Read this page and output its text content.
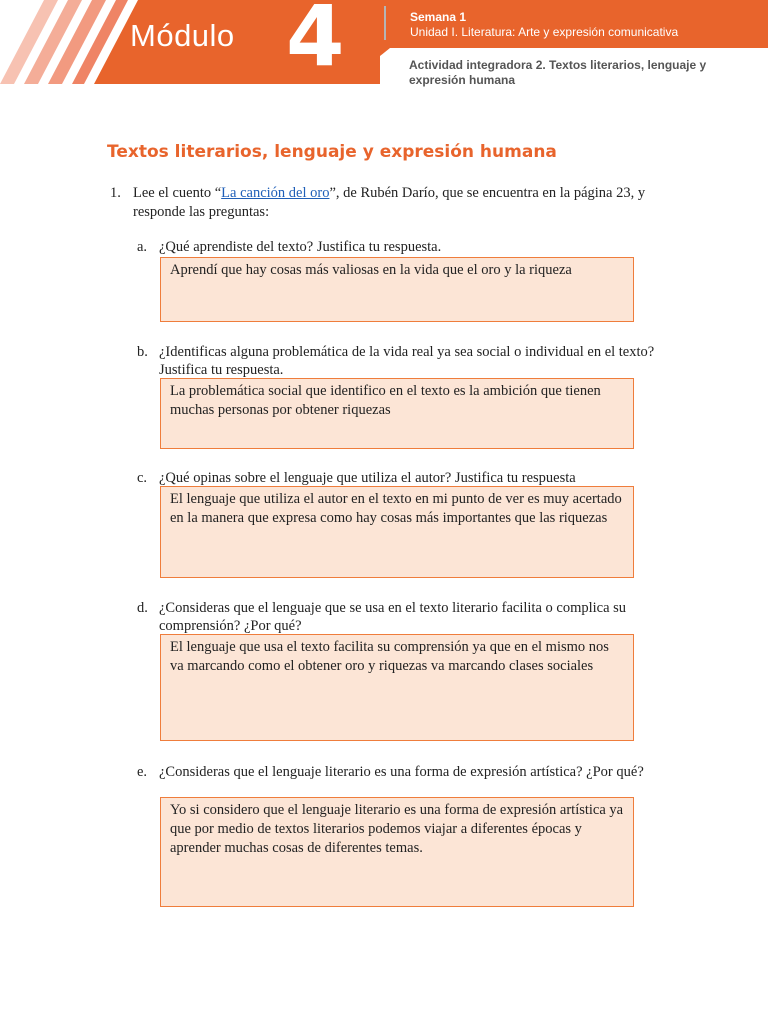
Módulo 4	Semana 1
Unidad I. Literatura: Arte y expresión comunicativa
Actividad integradora 2. Textos literarios, lenguaje y expresión humana
Textos literarios, lenguaje y expresión humana
1. Lee el cuento “La canción del oro”, de Rubén Darío, que se encuentra en la página 23, y responde las preguntas:
a. ¿Qué aprendiste del texto? Justifica tu respuesta.
Aprendí que hay cosas más valiosas en la vida que el oro y la riqueza
b. ¿Identificas alguna problemática de la vida real ya sea social o individual en el texto? Justifica tu respuesta.
La problemática social que identifico en el texto es la ambición que tienen muchas personas por obtener riquezas
c. ¿Qué opinas sobre el lenguaje que utiliza el autor? Justifica tu respuesta
El lenguaje que utiliza el autor en el texto en mi punto de ver es muy acertado en la manera que expresa como hay cosas más importantes que las riquezas
d. ¿Consideras que el lenguaje que se usa en el texto literario facilita o complica su comprensión? ¿Por qué?
El lenguaje que usa el texto facilita su comprensión ya que en el mismo nos va marcando como el obtener oro y riquezas va marcando clases sociales
e. ¿Consideras que el lenguaje literario es una forma de expresión artística? ¿Por qué?
Yo si considero que el lenguaje literario es una forma de expresión artística ya que por medio de textos literarios podemos viajar a diferentes épocas y aprender muchas cosas de diferentes temas.
